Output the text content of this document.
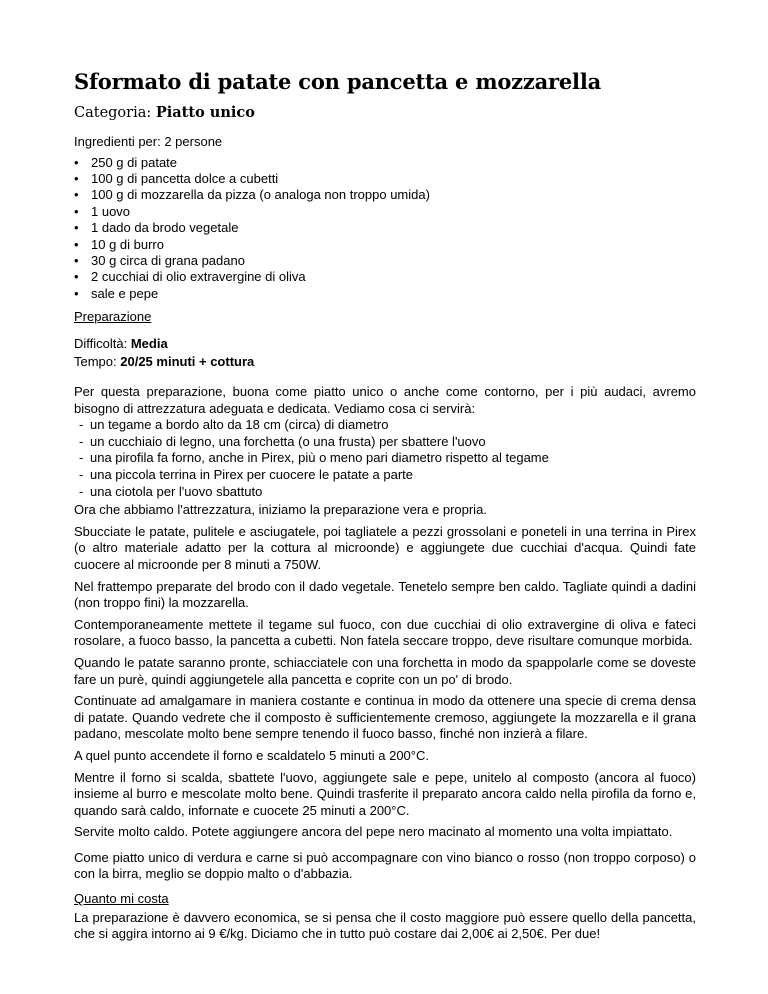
Sformato di patate con pancetta e mozzarella
Categoria: Piatto unico
Ingredienti per: 2 persone
• 250 g di patate
• 100 g di pancetta dolce a cubetti
• 100 g di mozzarella da pizza (o analoga non troppo umida)
• 1 uovo
• 1 dado da brodo vegetale
• 10 g di burro
• 30 g circa di grana padano
• 2 cucchiai di olio extravergine di oliva
• sale e pepe
Preparazione
Difficoltà: Media
Tempo: 20/25 minuti + cottura
Per questa preparazione, buona come piatto unico o anche come contorno, per i più audaci, avremo bisogno di attrezzatura adeguata e dedicata. Vediamo cosa ci servirà:
- un tegame a bordo alto da 18 cm (circa) di diametro
- un cucchiaio di legno, una forchetta (o una frusta) per sbattere l'uovo
- una pirofila fa forno, anche in Pirex, più o meno pari diametro rispetto al tegame
- una piccola terrina in Pirex per cuocere le patate a parte
- una ciotola per l'uovo sbattuto
Ora che abbiamo l'attrezzatura, iniziamo la preparazione vera e propria.
Sbucciate le patate, pulitele e asciugatele, poi tagliatele a pezzi grossolani e poneteli in una terrina in Pirex (o altro materiale adatto per la cottura al microonde) e aggiungete due cucchiai d'acqua. Quindi fate cuocere al microonde per 8 minuti a 750W.
Nel frattempo preparate del brodo con il dado vegetale. Tenetelo sempre ben caldo. Tagliate quindi a dadini (non troppo fini) la mozzarella.
Contemporaneamente mettete il tegame sul fuoco, con due cucchiai di olio extravergine di oliva e fateci rosolare, a fuoco basso, la pancetta a cubetti. Non fatela seccare troppo, deve risultare comunque morbida.
Quando le patate saranno pronte, schiacciatele con una forchetta in modo da spappolarle come se doveste fare un purè, quindi aggiungetele alla pancetta e coprite con un po' di brodo.
Continuate ad amalgamare in maniera costante e continua in modo da ottenere una specie di crema densa di patate. Quando vedrete che il composto è sufficientemente cremoso, aggiungete la mozzarella e il grana padano, mescolate molto bene sempre tenendo il fuoco basso, finché non inzierà a filare.
A quel punto accendete il forno e scaldatelo 5 minuti a 200°C.
Mentre il forno si scalda, sbattete l'uovo, aggiungete sale e pepe, unitelo al composto (ancora al fuoco) insieme al burro e mescolate molto bene. Quindi trasferite il preparato ancora caldo nella pirofila da forno e, quando sarà caldo, infornate e cuocete 25 minuti a 200°C.
Servite molto caldo. Potete aggiungere ancora del pepe nero macinato al momento una volta impiattato.
Come piatto unico di verdura e carne si può accompagnare con vino bianco o rosso (non troppo corposo) o con la birra, meglio se doppio malto o d'abbazia.
Quanto mi costa
La preparazione è davvero economica, se si pensa che il costo maggiore può essere quello della pancetta, che si aggira intorno ai 9 €/kg. Diciamo che in tutto può costare dai 2,00€ ai 2,50€. Per due!
